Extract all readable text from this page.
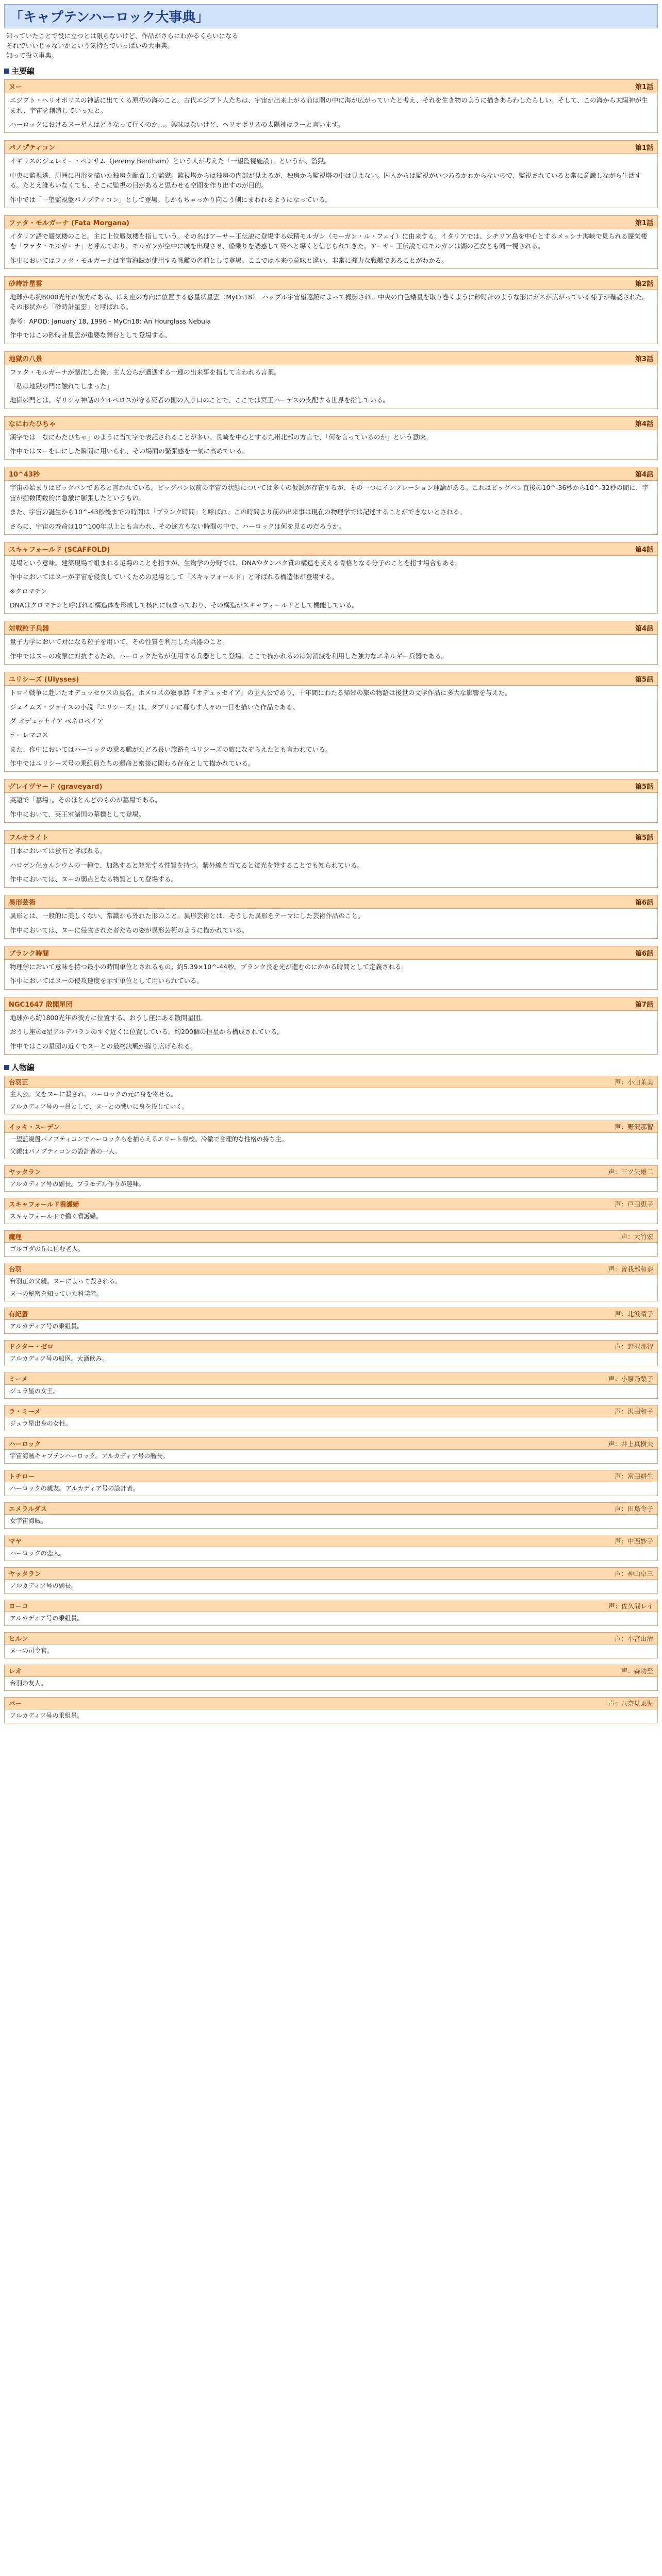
「キャプテンハーロック大事典」
知っていたことで役に立つとは限らないけど、作品がさらにわかるくらいになる
それでいいじゃないかという気持ちでいっぱいの大事典。
知って役立事典。
主要編
ヌー	第1話

エジプト・ヘリオポリスの神話に出てくる原初の海のこと。古代エジプト人たちは、宇宙が出来上がる前は闇の中に海が広がっていたと考え、それを生き物のように描きあらわしたらしい。そして、この海から太陽神が生まれ、宇宙を創造していったと。

ハーロックにおけるヌー星人はどうなって行くのか…。興味はないけど、ヘリオポリスの太陽神はラーと言います。

パノプティコン	第1話

イギリスのジェレミー・ベンサム（Jeremy Bentham）という人が考えた「一望監視施設」。というか、監獄。

中央に監視塔、周囲に円形を描いた独房を配置した監獄。監視塔からは独房の内部が見えるが、独房から監視塔の中は見えない。囚人からは監視がいつあるかわからないので、監視されていると常に意識しながら生活する。たとえ誰もいなくても、そこに監視の目があると思わせる空間を作り出すのが目的。

作中では「一望監視盤パノプティコン」として登場。しかもちゃっかり向こう側にまわれるようになっている。

ファタ・モルガーナ (Fata Morgana)	第1話

イタリア語で蜃気楼のこと。主に上位蜃気楼を指していう。その名はアーサー王伝説に登場する妖精モルガン（モーガン・ル・フェイ）に由来する。イタリアでは、シチリア島を中心とするメッシナ海峡で見られる蜃気楼を「ファタ・モルガーナ」と呼んでおり、モルガンが空中に城を出現させ、船乗りを誘惑して死へと導くと信じられてきた。アーサー王伝説ではモルガンは湖の乙女とも同一視される。

作中においてはファタ・モルガーナは宇宙海賊が使用する戦艦の名前として登場。ここでは本来の意味と違い、非常に強力な戦艦であることがわかる。

砂時計星雲	第2話

地球から約8000光年の彼方にある、はえ座の方向に位置する惑星状星雲（MyCn18）。ハッブル宇宙望遠鏡によって撮影され、中央の白色矮星を取り巻くように砂時計のような形にガスが広がっている様子が確認された。その形状から「砂時計星雲」と呼ばれる。

参考：APOD: January 18, 1996 - MyCn18: An Hourglass Nebula

作中ではこの砂時計星雲が重要な舞台として登場する。

地獄の八景	第3話

ファタ・モルガーナが撃沈した後、主人公らが遭遇する一連の出来事を指して言われる言葉。

「私は地獄の門に触れてしまった」

地獄の門とは、ギリシャ神話のケルベロスが守る死者の国の入り口のことで、ここでは冥王ハーデスの支配する世界を指している。

なにわたひちゃ	第4話

漢字では「なにわたひちゃ」のように当て字で表記されることが多い。長崎を中心とする九州北部の方言で、「何を言っているのか」という意味。

作中ではヌーを口にした瞬間に用いられ、その場面の緊張感を一気に高めている。

10^43秒	第4話

宇宙の始まりはビッグバンであると言われている。ビッグバン以前の宇宙の状態については多くの仮説が存在するが、その一つにインフレーション理論がある。これはビッグバン直後の10^-36秒から10^-32秒の間に、宇宙が指数関数的に急激に膨張したというもの。

また、宇宙の誕生から10^-43秒後までの時間は「プランク時間」と呼ばれ、この時間より前の出来事は現在の物理学では記述することができないとされる。

さらに、宇宙の寿命は10^100年以上とも言われ、その途方もない時間の中で、ハーロックは何を見るのだろうか。

スキャフォールド (SCAFFOLD)	第4話

足場という意味。建築現場で組まれる足場のことを指すが、生物学の分野では、DNAやタンパク質の構造を支える骨格となる分子のことを指す場合もある。

作中においてはヌーが宇宙を侵食していくための足場として「スキャフォールド」と呼ばれる構造体が登場する。

※クロマチン

DNAはクロマチンと呼ばれる構造体を形成して核内に収まっており、その構造がスキャフォールドとして機能している。

対戦粒子兵器	第4話

量子力学において対になる粒子を用いて、その性質を利用した兵器のこと。

作中ではヌーの攻撃に対抗するため、ハーロックたちが使用する兵器として登場。ここで描かれるのは対消滅を利用した強力なエネルギー兵器である。

ユリシーズ (Ulysses)	第5話

トロイ戦争に赴いたオデュッセウスの英名。ホメロスの叙事詩『オデュッセイア』の主人公であり、十年間にわたる帰郷の旅の物語は後世の文学作品に多大な影響を与えた。

ジェイムズ・ジョイスの小説『ユリシーズ』は、ダブリンに暮らす人々の一日を描いた作品である。

ダ オデュッセイア ペネロペイア

テーレマコス

また、作中においてはハーロックの乗る艦がたどる長い旅路をユリシーズの旅になぞらえたとも言われている。

作中ではユリシーズ号の乗組員たちの運命と密接に関わる存在として描かれている。

グレイヴヤード (graveyard)	第5話

英語で「墓場」。そのほとんどのものが墓場である。

作中において、英王室諸国の墓標として登場。

フルオライト	第5話

日本においては蛍石と呼ばれる。

ハロゲン化カルシウムの一種で、加熱すると発光する性質を持つ。紫外線を当てると蛍光を発することでも知られている。

作中においては、ヌーの弱点となる物質として登場する。

異形芸術	第6話

異形とは、一般的に美しくない、常識から外れた形のこと。異形芸術とは、そうした異形をテーマにした芸術作品のこと。

作中においては、ヌーに侵食された者たちの姿が異形芸術のように描かれている。

プランク時間	第6話

物理学において意味を持つ最小の時間単位とされるもの。約5.39×10^-44秒。プランク長を光が進むのにかかる時間として定義される。

作中においてはヌーの侵攻速度を示す単位として用いられている。

NGC1647 散開星団	第7話

地球から約1800光年の彼方に位置する、おうし座にある散開星団。

おうし座のα星アルデバランのすぐ近くに位置している。約200個の恒星から構成されている。

作中ではこの星団の近くでヌーとの最終決戦が繰り広げられる。

人物編
台羽正	声：小山茉美

主人公。父をヌーに殺され、ハーロックの元に身を寄せる。

アルカディア号の一員として、ヌーとの戦いに身を投じていく。

イッキ・スーデン	声：野沢那智

一望監視盤パノプティコンでハーロックらを捕らえるエリート将校。冷徹で合理的な性格の持ち主。

父親はパノプティコンの設計者の一人。

ヤッタラン	声：三ツ矢雄二

アルカディア号の副長。プラモデル作りが趣味。

スキャフォールド看護婦	声：戸田恵子

スキャフォールドで働く看護婦。

魔理	声：大竹宏

ゴルゴダの丘に住む老人。

台羽	声：曽我部和恭

台羽正の父親。ヌーによって殺される。

ヌーの秘密を知っていた科学者。

有紀螢	声：北浜晴子

アルカディア号の乗組員。

ドクター・ゼロ	声：野沢那智

アルカディア号の船医。大酒飲み。

ミーメ	声：小原乃梨子

ジュラ星の女王。

ラ・ミーメ	声：沢田和子

ジュラ星出身の女性。

ハーロック	声：井上真樹夫

宇宙海賊キャプテンハーロック。アルカディア号の艦長。

トチロー	声：富田耕生

ハーロックの親友。アルカディア号の設計者。

エメラルダス	声：田島令子

女宇宙海賊。

マヤ	声：中西妙子

ハーロックの恋人。

ヤッタラン	声：神山卓三

アルカディア号の副長。

ヨーコ	声：佐久間レイ

アルカディア号の乗組員。

ヒルン	声：小宮山清

ヌーの司令官。

レオ	声：森功至

台羽の友人。

バー	声：八奈見乗児

アルカディア号の乗組員。
